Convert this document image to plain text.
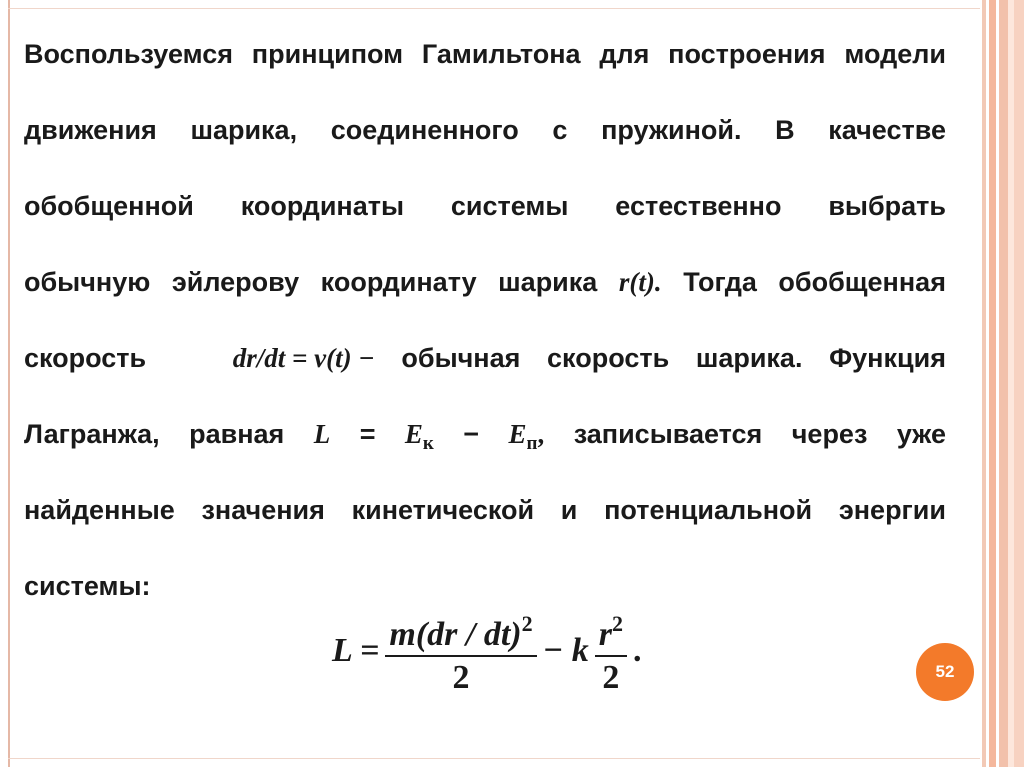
Воспользуемся принципом Гамильтона для построения модели
движения шарика, соединенного с пружиной. В качестве
обобщенной координаты системы естественно выбрать
обычную эйлерову координату шарика r(t). Тогда обобщенная
скорость	dr/dt = v(t) − обычная скорость шарика. Функция
Лагранжа, равная $L = E_к - E_п$, записывается через уже
найденные значения кинетической и потенциальной энергии
системы:
$L = \frac{m(dr / dt)^2}{2} - k \frac{r^2}{2}$ .
52
